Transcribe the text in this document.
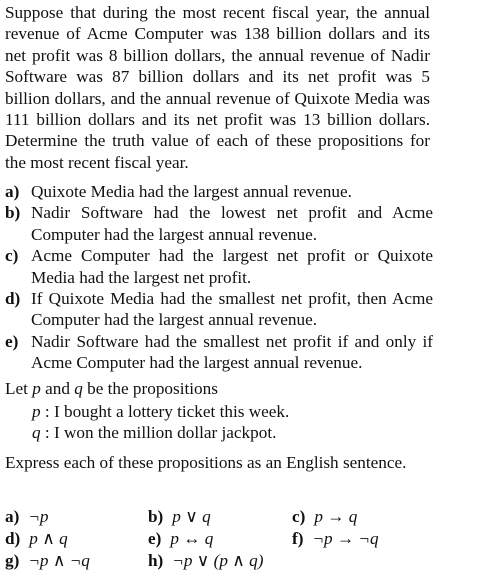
Suppose that during the most recent fiscal year, the annual revenue of Acme Computer was 138 billion dollars and its net profit was 8 billion dollars, the annual revenue of Nadir Software was 87 billion dollars and its net profit was 5 billion dollars, and the annual revenue of Quixote Media was 111 billion dollars and its net profit was 13 billion dollars. Determine the truth value of each of these propositions for the most recent fiscal year.
a) Quixote Media had the largest annual revenue.
b) Nadir Software had the lowest net profit and Acme Computer had the largest annual revenue.
c) Acme Computer had the largest net profit or Quixote Media had the largest net profit.
d) If Quixote Media had the smallest net profit, then Acme Computer had the largest annual revenue.
e) Nadir Software had the smallest net profit if and only if Acme Computer had the largest annual revenue.
Let p and q be the propositions
p : I bought a lottery ticket this week.
q : I won the million dollar jackpot.
Express each of these propositions as an English sentence.
a) ¬p	b) p ∨ q	c) p → q
d) p ∧ q	e) p ↔ q	f) ¬p → ¬q
g) ¬p ∧ ¬q	h) ¬p ∨ (p ∧ q)
